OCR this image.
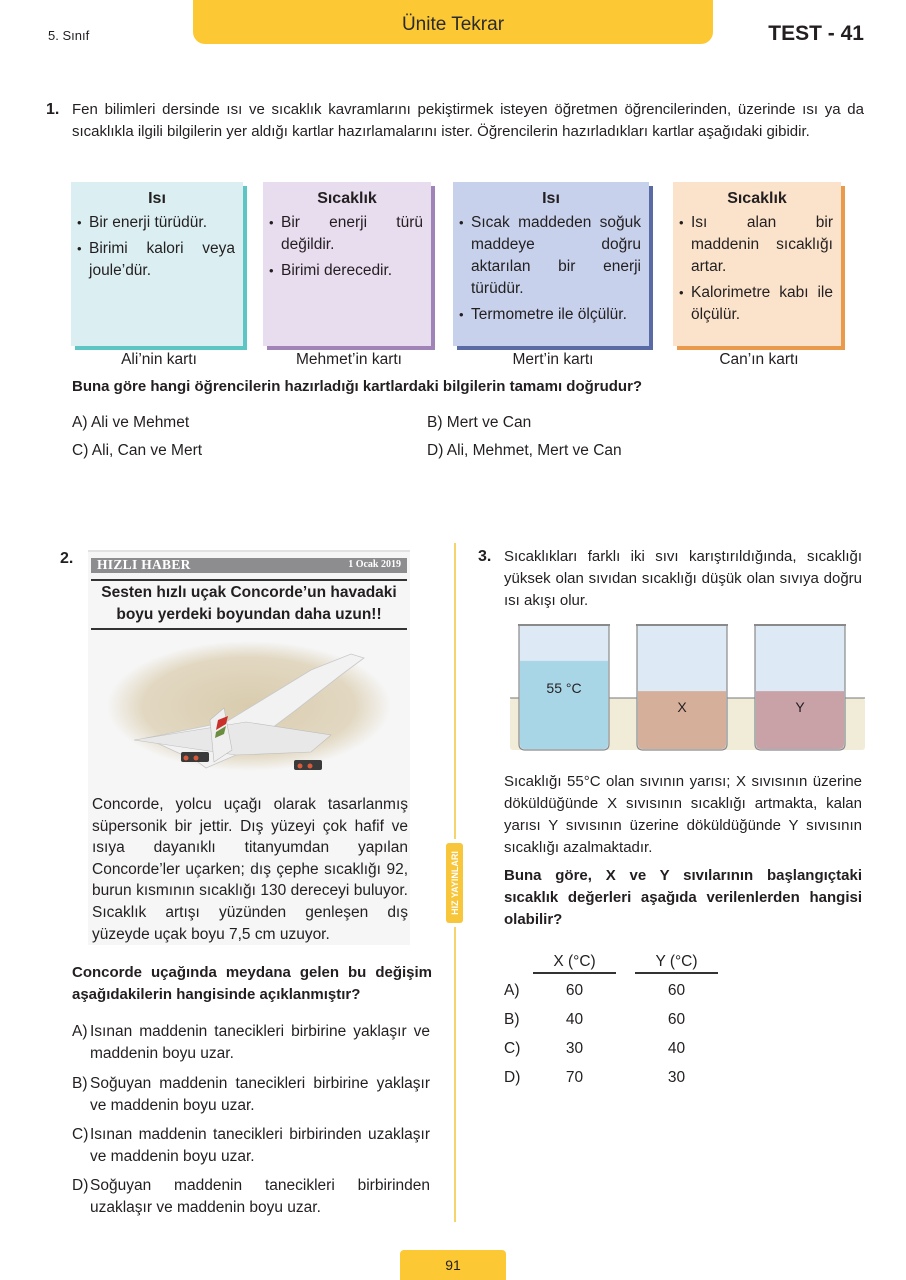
5. Sınıf
Ünite Tekrar	TEST - 41
1. Fen bilimleri dersinde ısı ve sıcaklık kavramlarını pekiştirmek isteyen öğretmen öğrencilerinden, üzerinde ısı ya da sıcaklıkla ilgili bilgilerin yer aldığı kartlar hazırlamalarını ister. Öğrencilerin hazırladıkları kartlar aşağıdaki gibidir.
Isı
• Bir enerji türüdür.
• Birimi kalori veya joule’dür.
Sıcaklık
• Bir enerji türü değildir.
• Birimi derecedir.
Isı
• Sıcak maddeden soğuk maddeye doğru aktarılan bir enerji türüdür.
• Termometre ile ölçülür.
Sıcaklık
• Isı alan bir maddenin sıcaklığı artar.
• Kalorimetre kabı ile ölçülür.
Ali’nin kartı	Mehmet’in kartı	Mert’in kartı	Can’ın kartı
Buna göre hangi öğrencilerin hazırladığı kartlardaki bilgilerin tamamı doğrudur?
A) Ali ve Mehmet	B) Mert ve Can
C) Ali, Can ve Mert	D) Ali, Mehmet, Mert ve Can
2. HIZLI HABER	1 Ocak 2019
Sesten hızlı uçak Concorde’un havadaki boyu yerdeki boyundan daha uzun!!
Concorde, yolcu uçağı olarak tasarlanmış süpersonik bir jettir. Dış yüzeyi çok hafif ve ısıya dayanıklı titanyumdan yapılan Concorde’ler uçarken; dış çephe sıcaklığı 92, burun kısmının sıcaklığı 130 dereceyi buluyor. Sıcaklık artışı yüzünden genleşen dış yüzeyde uçak boyu 7,5 cm uzuyor.
Concorde uçağında meydana gelen bu değişim aşağıdakilerin hangisinde açıklanmıştır?
A) Isınan maddenin tanecikleri birbirine yaklaşır ve maddenin boyu uzar.
B) Soğuyan maddenin tanecikleri birbirine yaklaşır ve maddenin boyu uzar.
C) Isınan maddenin tanecikleri birbirinden uzaklaşır ve maddenin boyu uzar.
D) Soğuyan maddenin tanecikleri birbirinden uzaklaşır ve maddenin boyu uzar.
HIZ YAYINLARI
3. Sıcaklıkları farklı iki sıvı karıştırıldığında, sıcaklığı yüksek olan sıvıdan sıcaklığı düşük olan sıvıya doğru ısı akışı olur.
55 °C
X	Y
Sıcaklığı 55°C olan sıvının yarısı; X sıvısının üzerine döküldüğünde X sıvısının sıcaklığı artmakta, kalan yarısı Y sıvısının üzerine döküldüğünde Y sıvısının sıcaklığı azalmaktadır.
Buna göre, X ve Y sıvılarının başlangıçtaki sıcaklık değerleri aşağıda verilenlerden hangisi olabilir?
X (°C)	Y (°C)
A)	60	60
B)	40	60
C)	30	40
D)	70	30
91
